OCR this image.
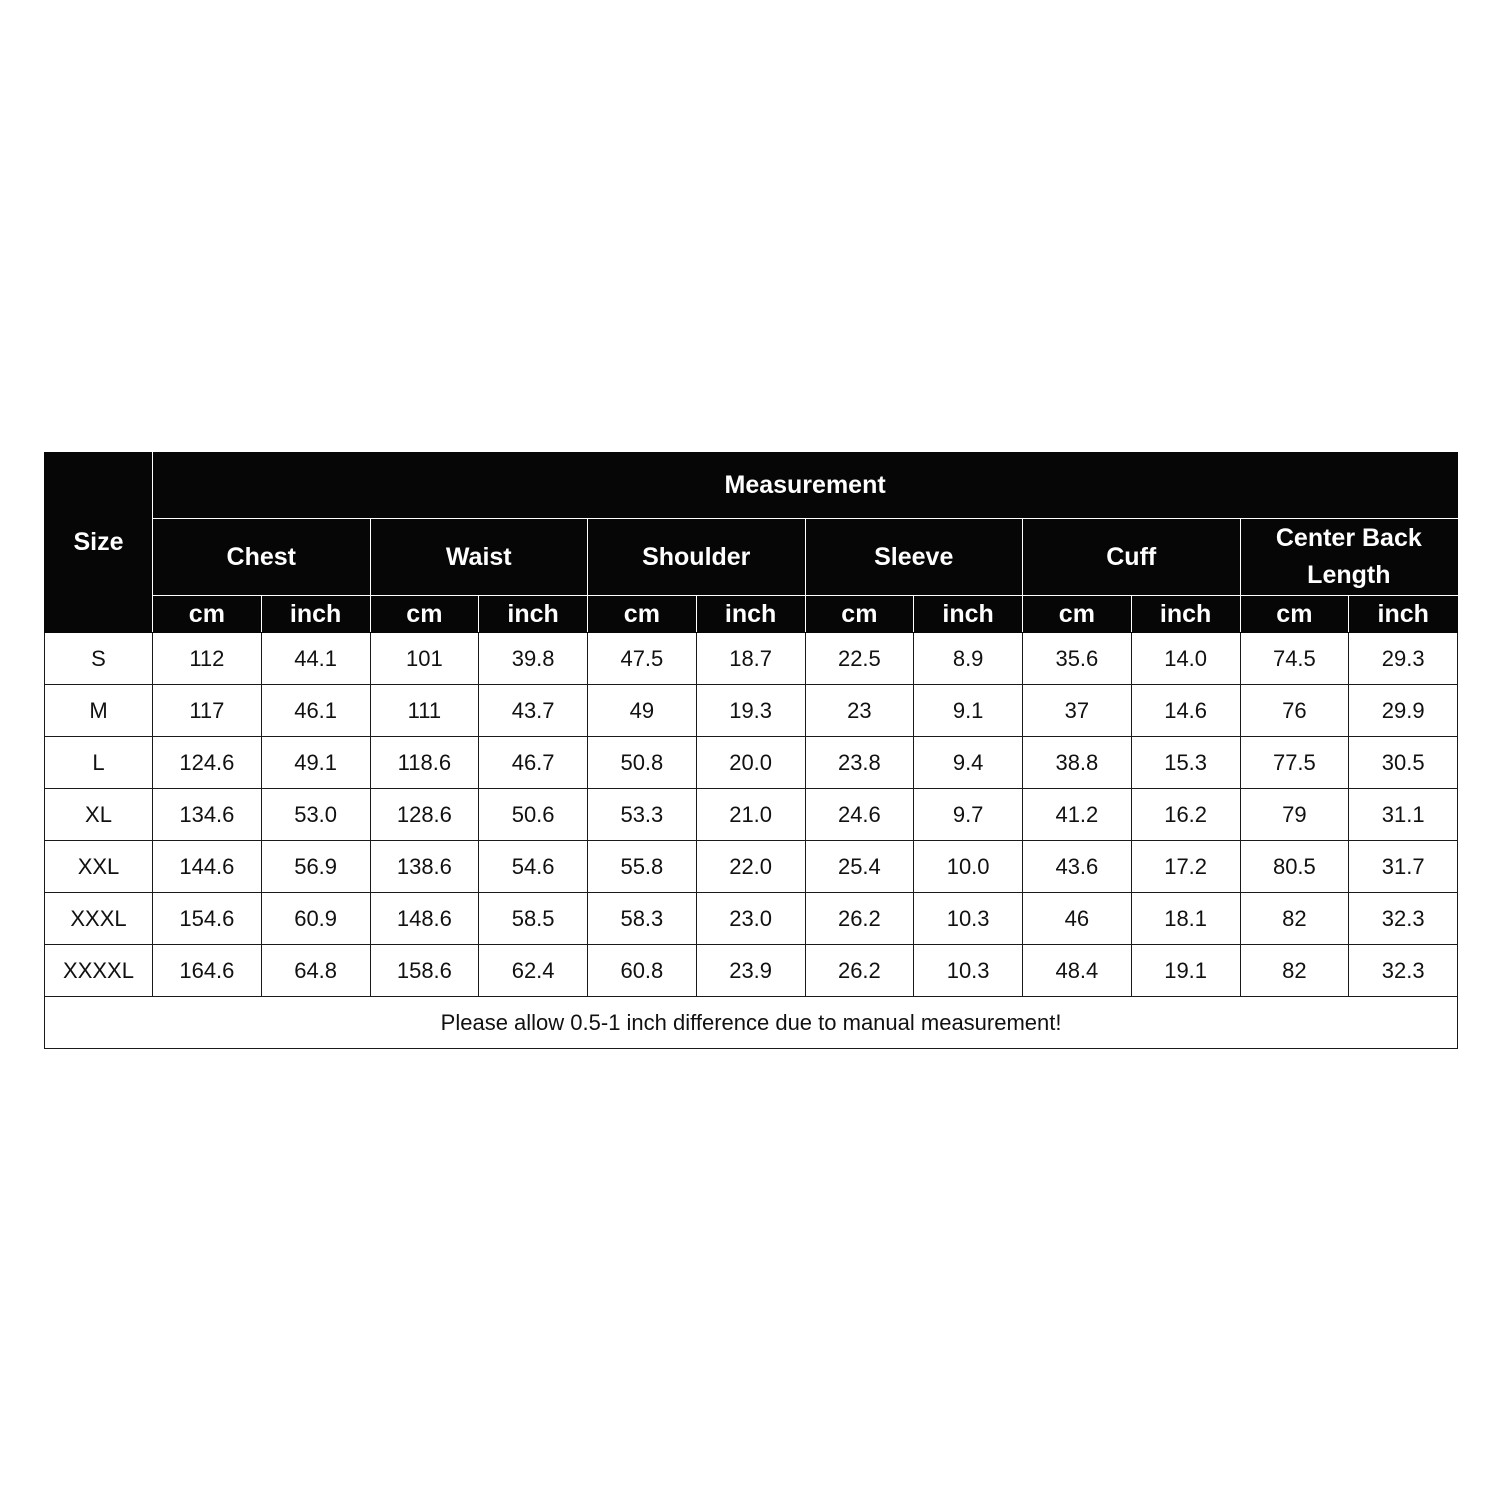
Size	Measurement											
	Chest		Waist		Shoulder		Sleeve		Cuff		Center Back Length	
	cm	inch	cm	inch	cm	inch	cm	inch	cm	inch	cm	inch
S	112	44.1	101	39.8	47.5	18.7	22.5	8.9	35.6	14.0	74.5	29.3
M	117	46.1	111	43.7	49	19.3	23	9.1	37	14.6	76	29.9
L	124.6	49.1	118.6	46.7	50.8	20.0	23.8	9.4	38.8	15.3	77.5	30.5
XL	134.6	53.0	128.6	50.6	53.3	21.0	24.6	9.7	41.2	16.2	79	31.1
XXL	144.6	56.9	138.6	54.6	55.8	22.0	25.4	10.0	43.6	17.2	80.5	31.7
XXXL	154.6	60.9	148.6	58.5	58.3	23.0	26.2	10.3	46	18.1	82	32.3
XXXXL	164.6	64.8	158.6	62.4	60.8	23.9	26.2	10.3	48.4	19.1	82	32.3
Please allow 0.5-1 inch difference due to manual measurement!												
